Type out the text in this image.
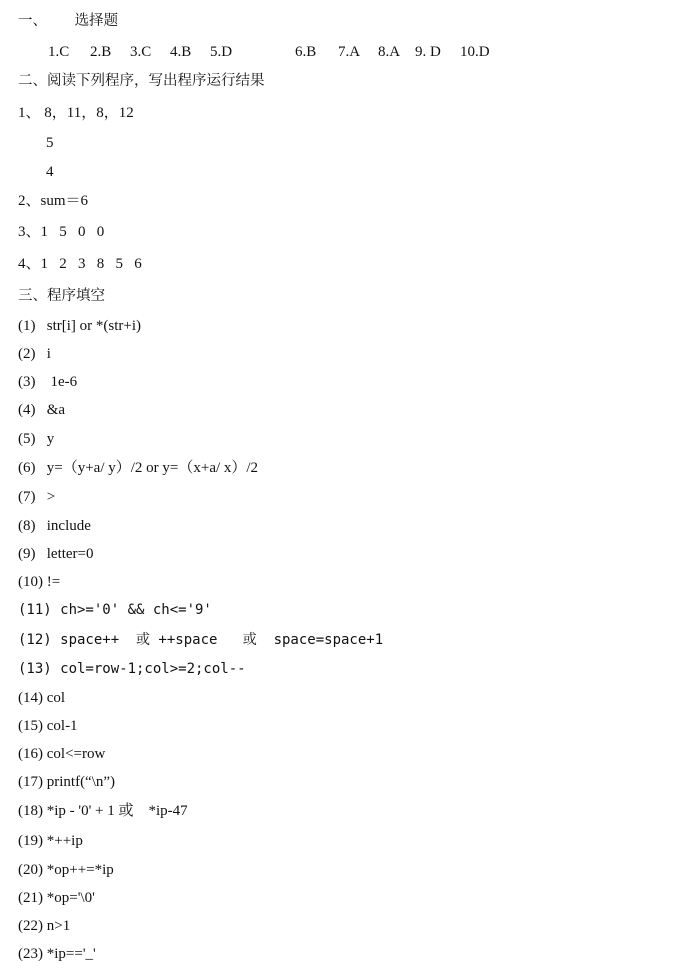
一、      选择题
1.C 2.B 3.C 4.B 5.D	6.B 7.A 8.A 9. D 10.D
二、阅读下列程序，写出程序运行结果
1、 8，11，8，12
5
4
2、sum＝6
3、1   5   0   0
4、1   2   3   8   5   6
三、程序填空
(1)   str[i] or *(str+i)
(2)   i
(3)    1e-6
(4)   &a
(5)   y
(6)   y=（y+a/ y）/2 or y=（x+a/ x）/2
(7)   >
(8)   include
(9)   letter=0
(10) !=
(11) ch>='0' && ch<='9'
(12) space++  或 ++space   或  space=space+1
(13) col=row-1;col>=2;col--
(14) col
(15) col-1
(16) col<=row
(17) printf(“\n”)
(18) *ip - '0' + 1 或    *ip-47
(19) *++ip
(20) *op++=*ip
(21) *op='\0'
(22) n>1
(23) *ip=='_'
